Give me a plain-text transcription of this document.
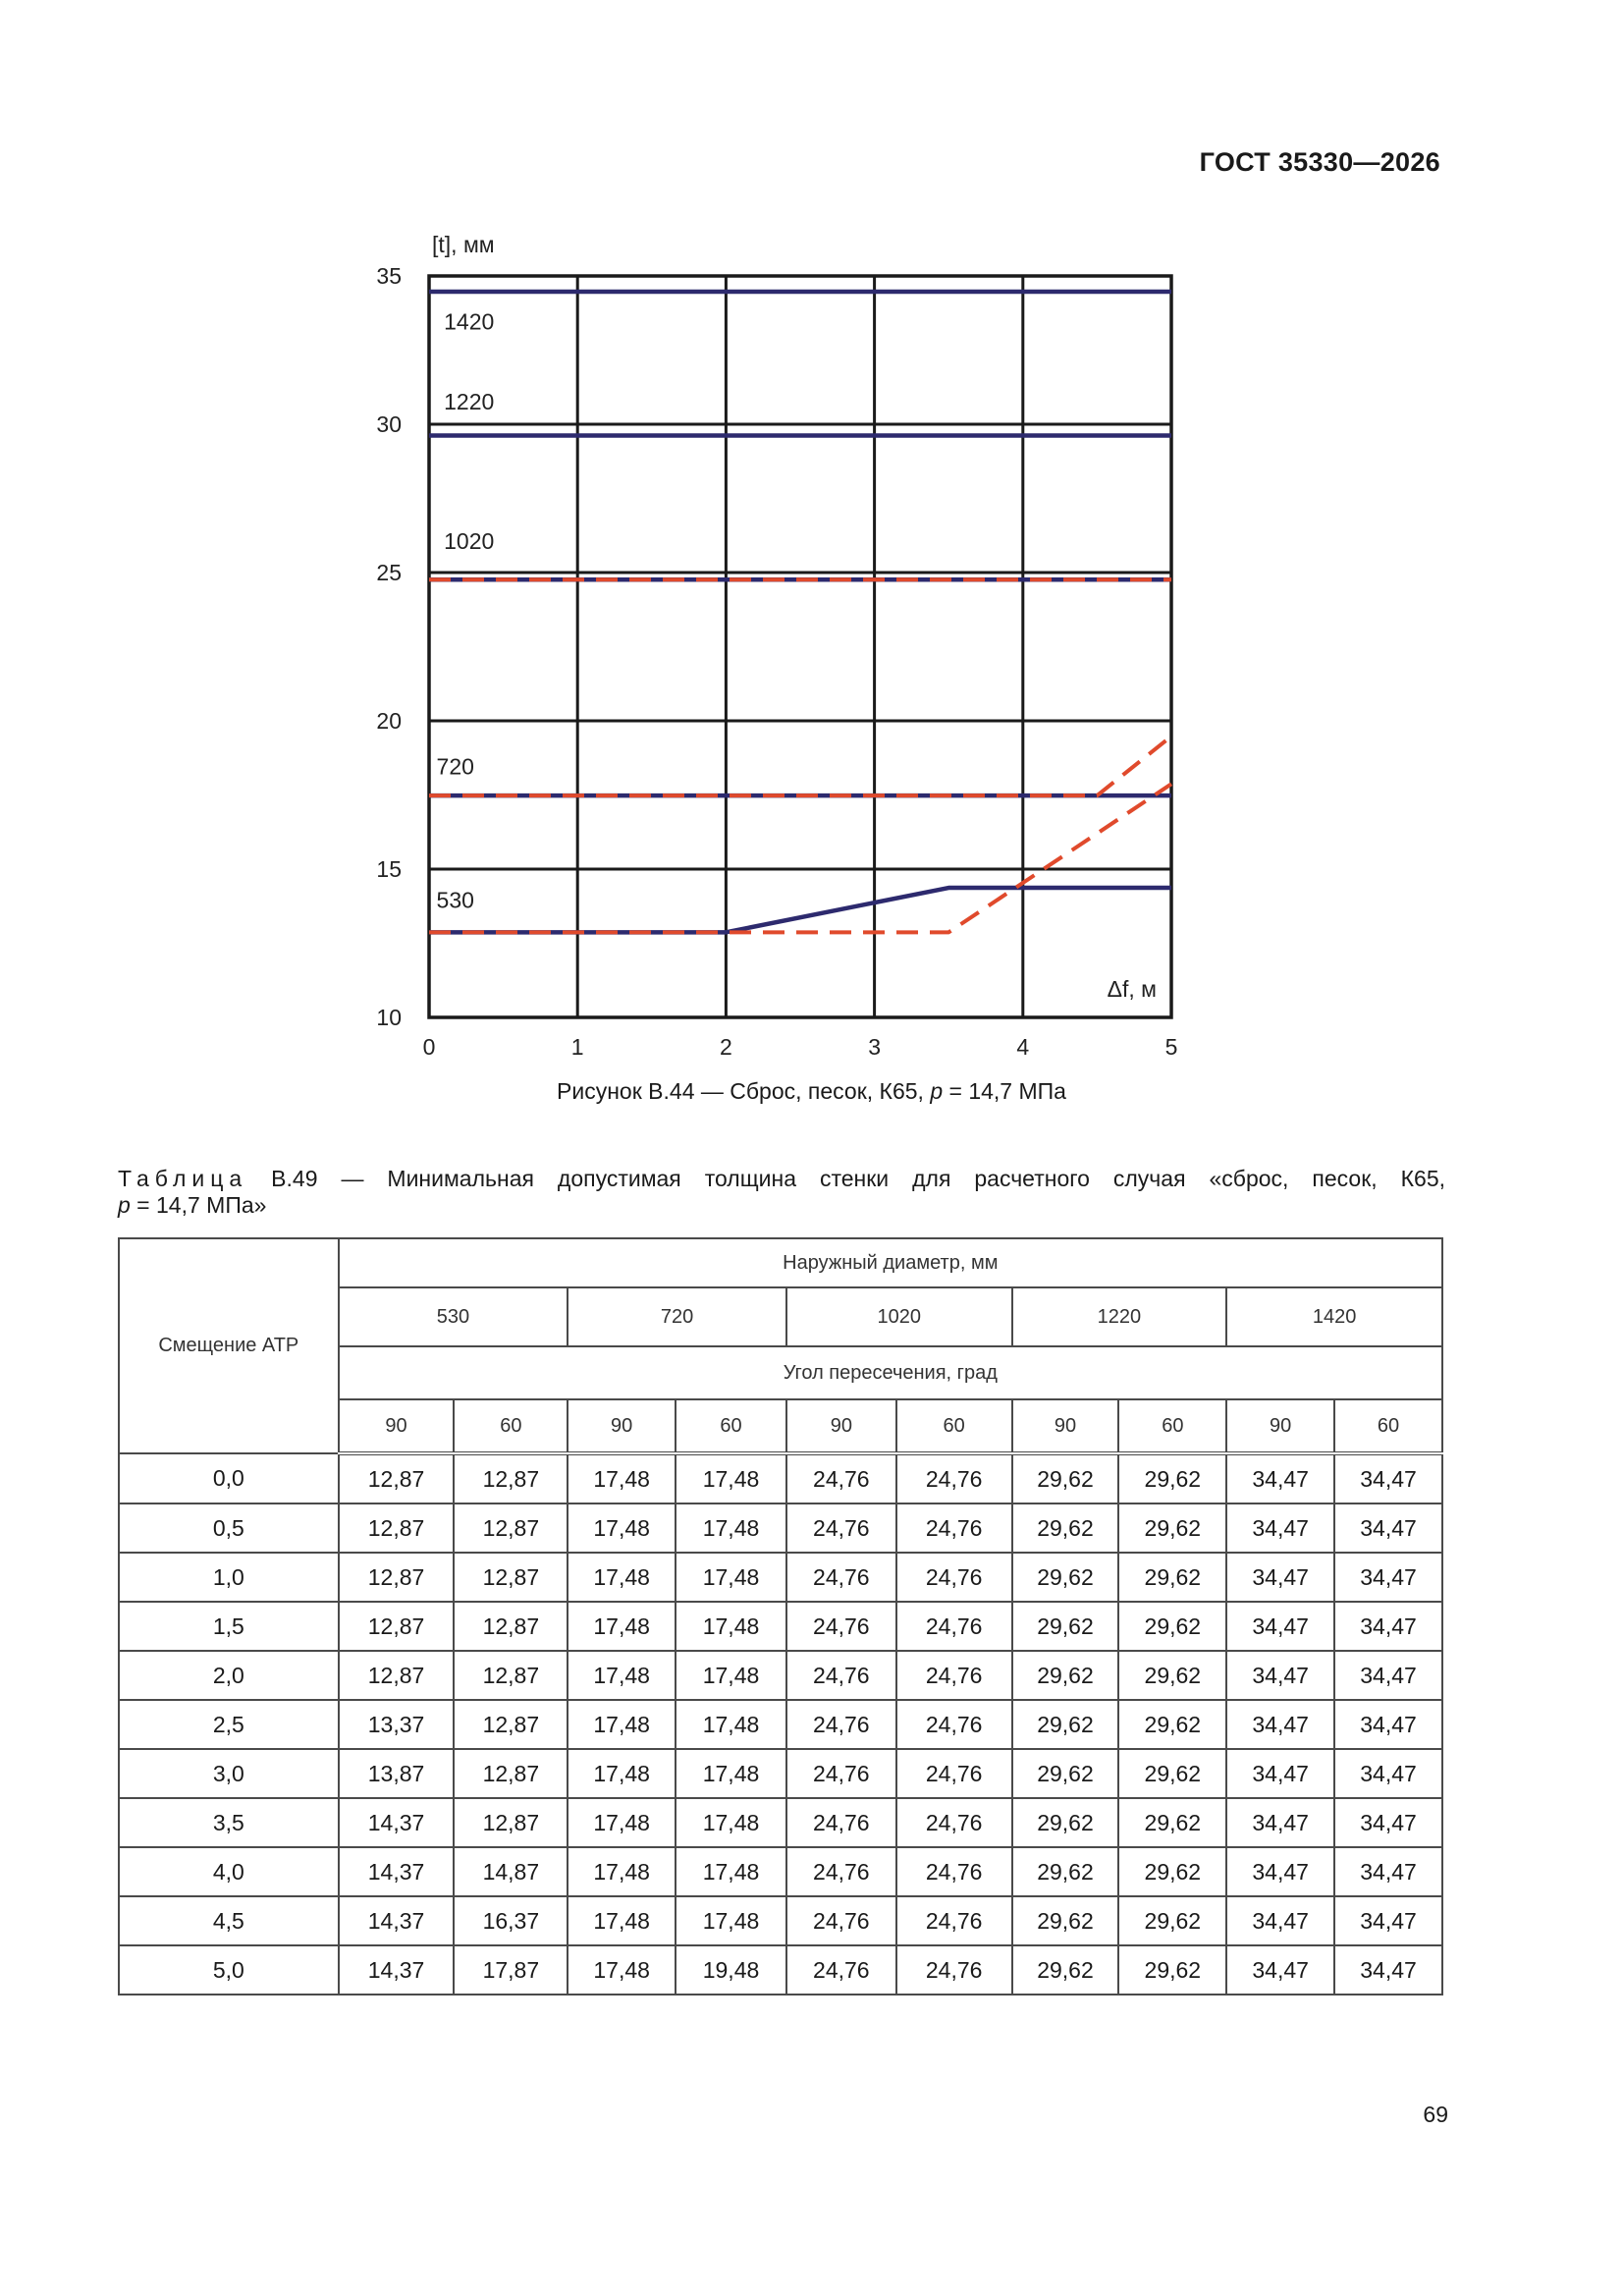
ГОСТ 35330—2026
1420
1220
1020
720
530
0	1	2	3	4	5
10
15
20
25
30
35
[t], мм
Δf, м
Рисунок В.44 — Сброс, песок, К65, p = 14,7 МПа
Таблица В.49 — Минимальная допустимая толщина стенки для расчетного случая «сброс, песок, К65,
p = 14,7 МПа»
Смещение АТР	Наружный диаметр, мм									
	530		720		1020		1220		1420	
	Угол пересечения, град									
	90	60	90	60	90	60	90	60	90	60
0,0	12,87	12,87	17,48	17,48	24,76	24,76	29,62	29,62	34,47	34,47
0,5	12,87	12,87	17,48	17,48	24,76	24,76	29,62	29,62	34,47	34,47
1,0	12,87	12,87	17,48	17,48	24,76	24,76	29,62	29,62	34,47	34,47
1,5	12,87	12,87	17,48	17,48	24,76	24,76	29,62	29,62	34,47	34,47
2,0	12,87	12,87	17,48	17,48	24,76	24,76	29,62	29,62	34,47	34,47
2,5	13,37	12,87	17,48	17,48	24,76	24,76	29,62	29,62	34,47	34,47
3,0	13,87	12,87	17,48	17,48	24,76	24,76	29,62	29,62	34,47	34,47
3,5	14,37	12,87	17,48	17,48	24,76	24,76	29,62	29,62	34,47	34,47
4,0	14,37	14,87	17,48	17,48	24,76	24,76	29,62	29,62	34,47	34,47
4,5	14,37	16,37	17,48	17,48	24,76	24,76	29,62	29,62	34,47	34,47
5,0	14,37	17,87	17,48	19,48	24,76	24,76	29,62	29,62	34,47	34,47
69
